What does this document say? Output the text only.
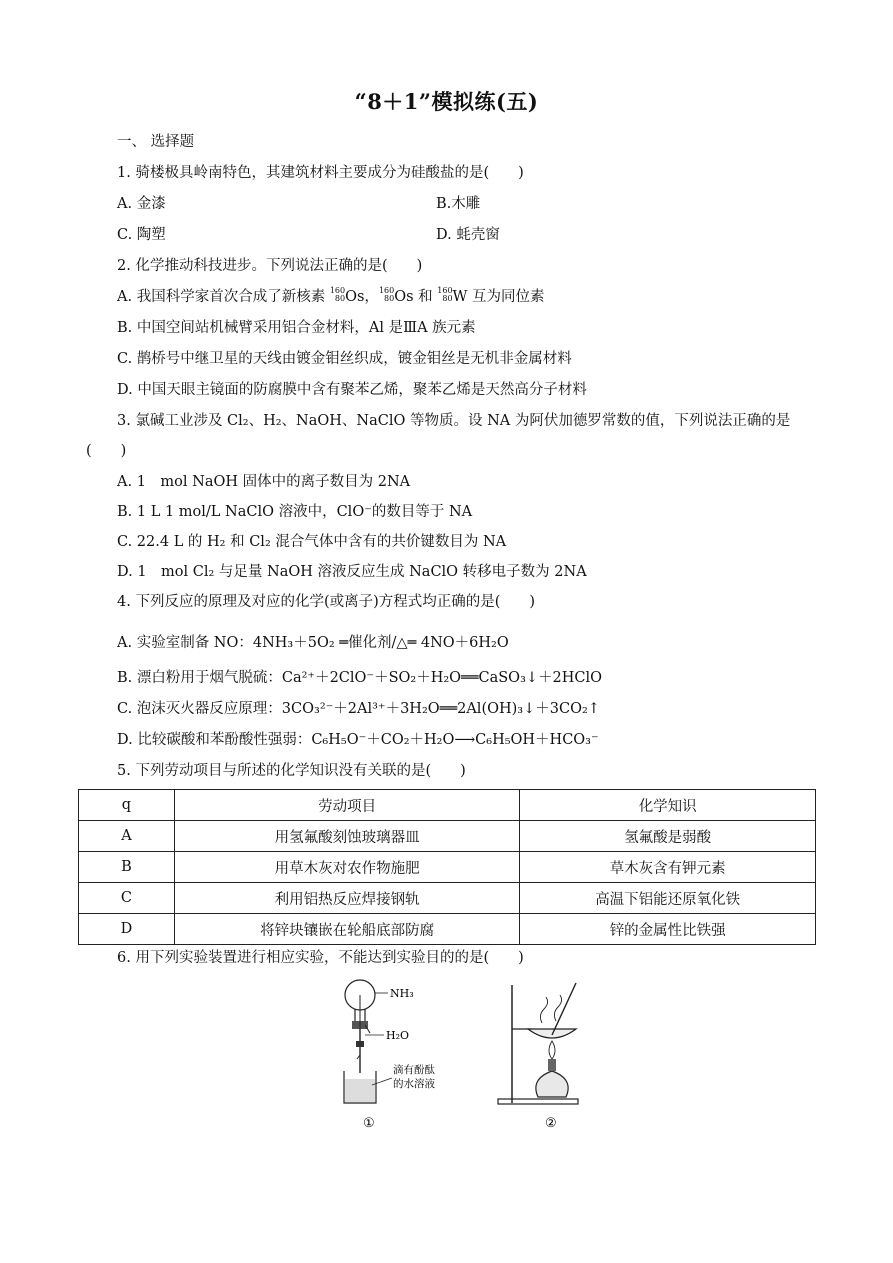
“8＋1”模拟练(五)
一、 选择题
1. 骑楼极具岭南特色，其建筑材料主要成分为硅酸盐的是(　　)
A. 金漆	B.木雕
C. 陶塑	D. 蚝壳窗
2. 化学推动科技进步。下列说法正确的是(　　)
A. 我国科学家首次合成了新核素 160
80 Os， 160
80 Os 和 160
80 W 互为同位素
B. 中国空间站机械臂采用铝合金材料，Al 是ⅢA 族元素
C. 鹊桥号中继卫星的天线由镀金钼丝织成，镀金钼丝是无机非金属材料
D. 中国天眼主镜面的防腐膜中含有聚苯乙烯，聚苯乙烯是天然高分子材料
3. 氯碱工业涉及 Cl₂、H₂、NaOH、NaClO 等物质。设 NA 为阿伏加德罗常数的值，下列说法正确的是
(　　)
A. 1　mol NaOH 固体中的离子数目为 2NA
B. 1 L 1 mol/L NaClO 溶液中，ClO⁻的数目等于 NA
C. 22.4 L 的 H₂ 和 Cl₂ 混合气体中含有的共价键数目为 NA
D. 1　mol Cl₂ 与足量 NaOH 溶液反应生成 NaClO 转移电子数为 2NA
4. 下列反应的原理及对应的化学(或离子)方程式均正确的是(　　)
A. 实验室制备 NO：4NH₃＋5O₂ ═催化剂/△═ 4NO＋6H₂O
B. 漂白粉用于烟气脱硫：Ca²⁺＋2ClO⁻＋SO₂＋H₂O══CaSO₃↓＋2HClO
C. 泡沫灭火器反应原理：3CO₃²⁻＋2Al³⁺＋3H₂O══2Al(OH)₃↓＋3CO₂↑
D. 比较碳酸和苯酚酸性强弱：C₆H₅O⁻＋CO₂＋H₂O⟶C₆H₅OH＋HCO₃⁻
5. 下列劳动项目与所述的化学知识没有关联的是(　　)
q	劳动项目	化学知识
A	用氢氟酸刻蚀玻璃器皿	氢氟酸是弱酸
B	用草木灰对农作物施肥	草木灰含有钾元素
C	利用铝热反应焊接钢轨	高温下铝能还原氧化铁
D	将锌块镶嵌在轮船底部防腐	锌的金属性比铁强
6. 用下列实验装置进行相应实验，不能达到实验目的的是(　　)
NH₃
H₂O
滴有酚酞
的水溶液
①	②
